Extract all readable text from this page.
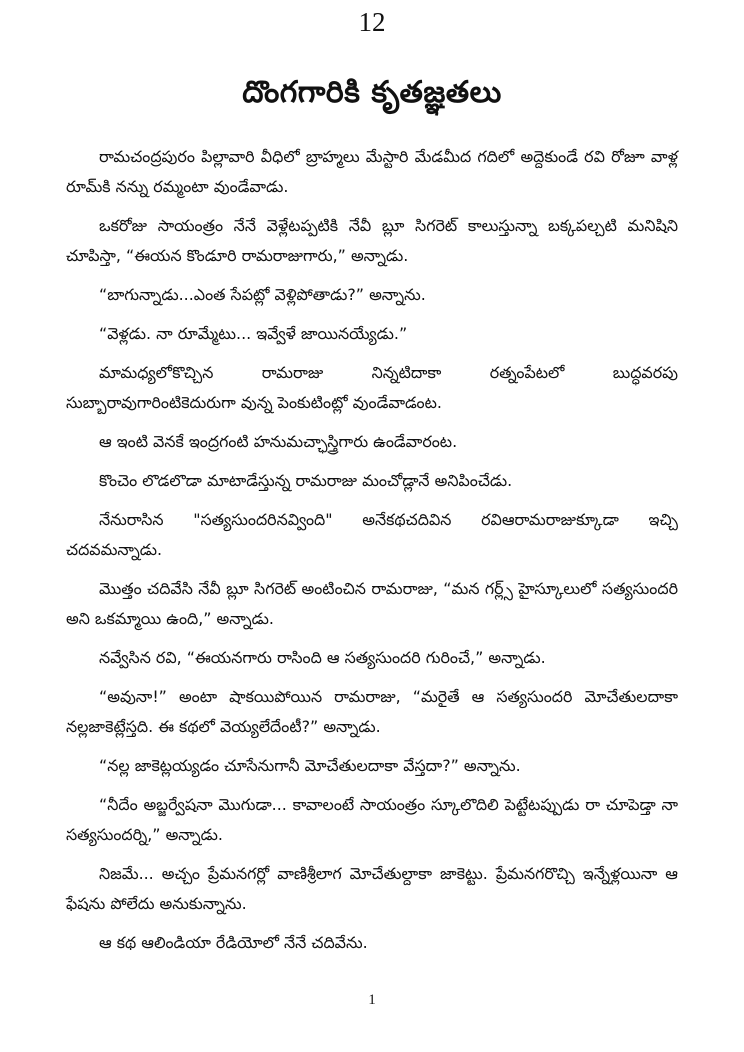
12
దొంగగారికి కృతజ్ఞతలు

రామచంద్రపురం పిల్లావారి వీధిలో బ్రాహ్మలు మేస్టారి మేడమీద గదిలో అద్దెకుండే రవి రోజూ వాళ్ల రూమ్‌కి నన్ను రమ్మంటా వుండేవాడు.

ఒకరోజు సాయంత్రం నేనే వెళ్లేటప్పటికి నేవీ బ్లూ సిగరెట్ కాలుస్తున్నా బక్కపల్చటి మనిషిని చూపిస్తా, “ఈయన కొండూరి రామరాజుగారు,” అన్నాడు.

“బాగున్నాడు...ఎంత సేపట్లో వెళ్లిపోతాడు?” అన్నాను.

“వెళ్లడు. నా రూమ్మేటు... ఇవ్వేళే జాయినయ్యేడు.”

మామధ్యలోకొచ్చిన రామరాజు నిన్నటిదాకా రత్నంపేటలో బుద్ధవరపు సుబ్బారావుగారింటికెదురుగా వున్న పెంకుటింట్లో వుండేవాడంట.

ఆ ఇంటి వెనకే ఇంద్రగంటి హనుమచ్ఛాస్త్రిగారు ఉండేవారంట.

కొంచెం లొడలొడా మాటాడేస్తున్న రామరాజు మంచోడ్లానే అనిపించేడు.

నేనురాసిన "సత్యసుందరినవ్వింది" అనేకథచదివిన రవిఆరామరాజుక్కూడా ఇచ్చి చదవమన్నాడు.

మొత్తం చదివేసి నేవీ బ్లూ సిగరెట్ అంటించిన రామరాజు, “మన గర్ల్స్ హైస్కూలులో సత్యసుందరి అని ఒకమ్మాయి ఉంది,” అన్నాడు.

నవ్వేసిన రవి, “ఈయనగారు రాసింది ఆ సత్యసుందరి గురించే,” అన్నాడు.

“అవునా!” అంటా షాకయిపోయిన రామరాజు, “మరైతే ఆ సత్యసుందరి మోచేతులదాకా నల్లజాకెట్లేస్తది. ఈ కథలో వెయ్యలేదేంటీ?” అన్నాడు.

“నల్ల జాకెట్లయ్యడం చూసేనుగానీ మోచేతులదాకా వేస్తదా?” అన్నాను.

“నీదేం అబ్జర్వేషనా మొగుడా... కావాలంటే సాయంత్రం స్కూలొదిలి పెట్టేటప్పుడు రా చూపెడ్తా నా సత్యసుందర్ని,” అన్నాడు.

నిజమే... అచ్చం ప్రేమనగర్లో వాణిశ్రీలాగ మోచేతుల్దాకా జాకెట్టు. ప్రేమనగరొచ్చి ఇన్నేళ్లయినా ఆ ఫేషను పోలేదు అనుకున్నాను.

ఆ కథ ఆలిండియా రేడియోలో నేనే చదివేను.

1
